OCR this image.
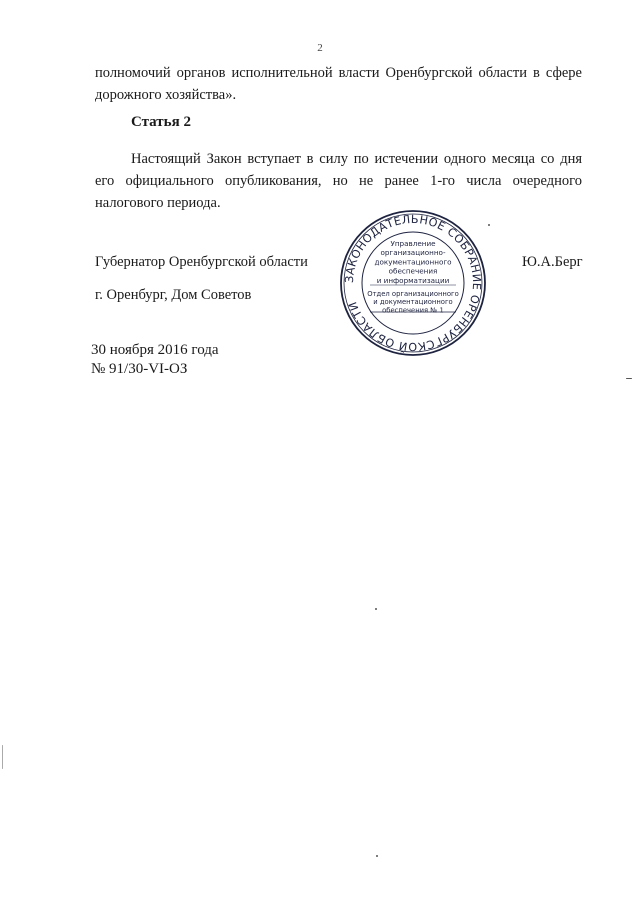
2
полномочий органов исполнительной власти Оренбургской области в сфере дорожного хозяйства».
Статья 2
Настоящий Закон вступает в силу по истечении одного месяца со дня его официального опубликования, но не ранее 1-го числа очередного налогового периода.
Губернатор Оренбургской области	Ю.А.Берг
г. Оренбург, Дом Советов
30 ноября 2016 года
№ 91/30-VI-ОЗ
ЗАКОНОДАТЕЛЬНОЕ СОБРАНИЕ ОРЕНБУРГСКОЙ ОБЛАСТИ
Управление
организационно-
документационного
обеспечения
и информатизации
Отдел организационного
и документационного
обеспечения № 1
